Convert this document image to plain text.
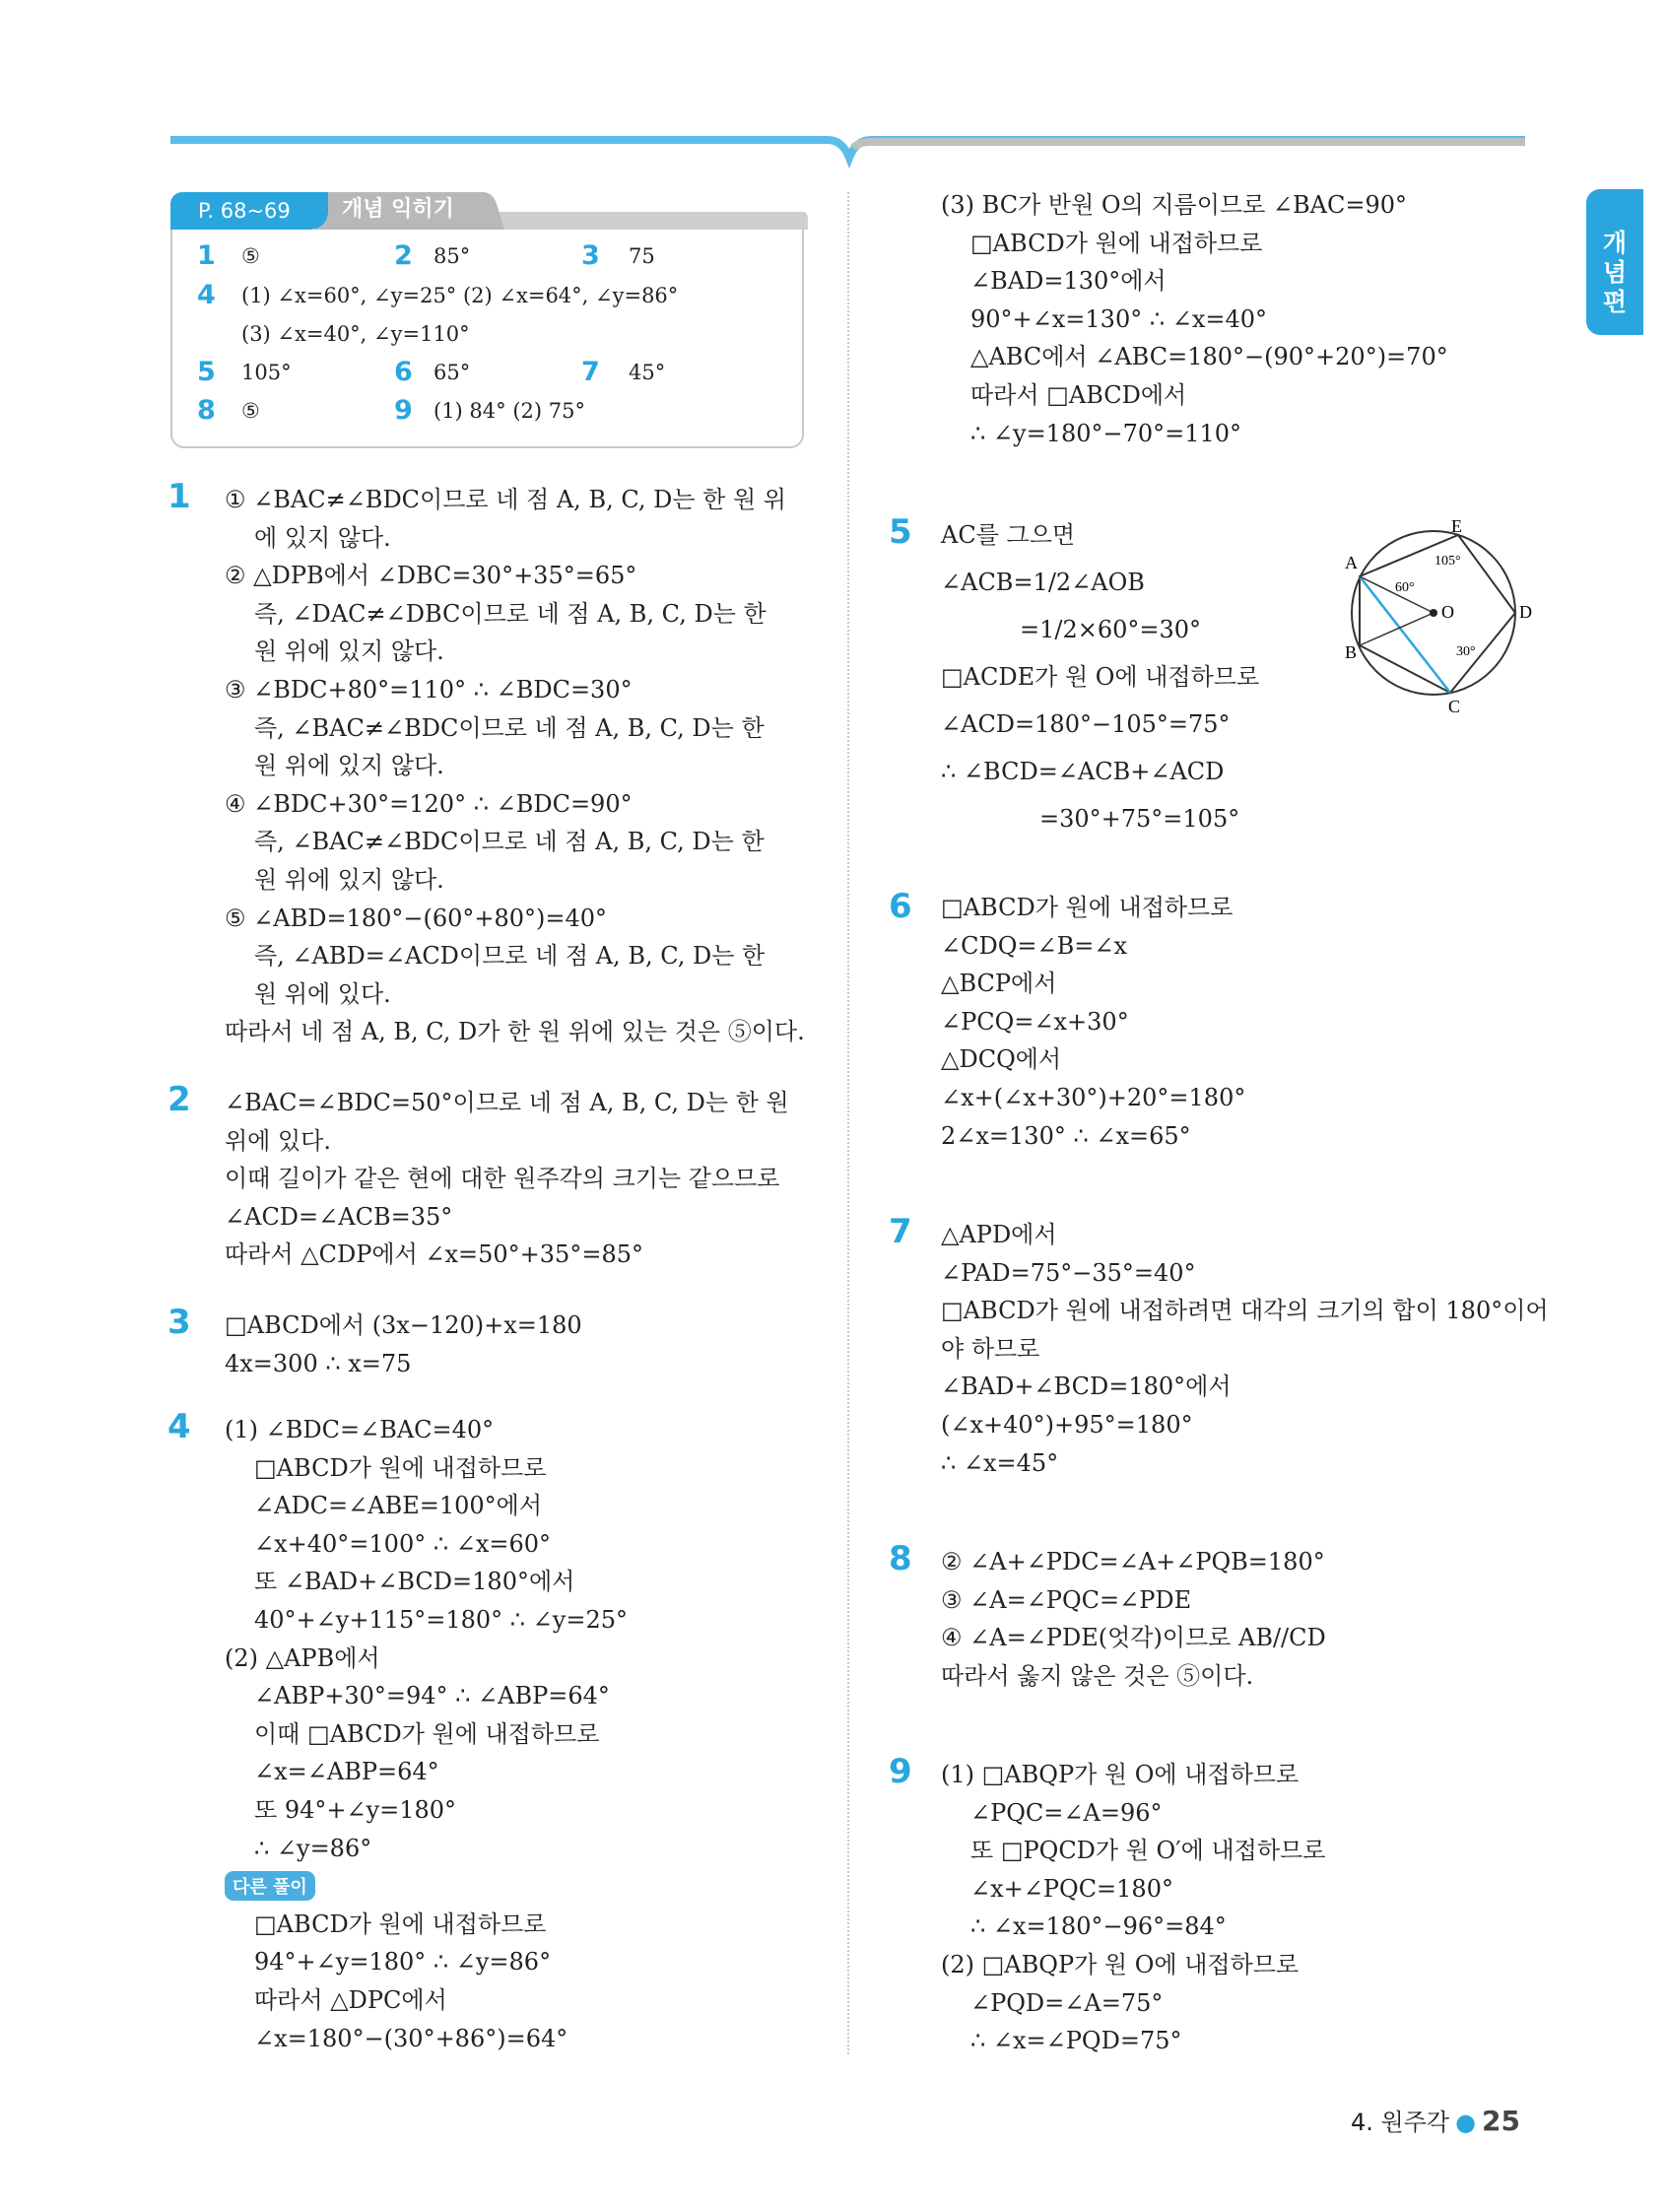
개
념
편
P. 68~69	개념 익히기
1 ⑤	2 85°	3 75
4 (1) ∠x=60°, ∠y=25° (2) ∠x=64°, ∠y=86°
(3) ∠x=40°, ∠y=110°
5 105°	6 65°	7 45°
8 ⑤	9 (1) 84° (2) 75°
1
2
3
4
5
6
7
8
9
① ∠BAC≠∠BDC이므로 네 점 A, B, C, D는 한 원 위
에 있지 않다.
② △DPB에서 ∠DBC=30°+35°=65°
즉, ∠DAC≠∠DBC이므로 네 점 A, B, C, D는 한
원 위에 있지 않다.
③ ∠BDC+80°=110° ∴ ∠BDC=30°
즉, ∠BAC≠∠BDC이므로 네 점 A, B, C, D는 한
원 위에 있지 않다.
④ ∠BDC+30°=120° ∴ ∠BDC=90°
즉, ∠BAC≠∠BDC이므로 네 점 A, B, C, D는 한
원 위에 있지 않다.
⑤ ∠ABD=180°−(60°+80°)=40°
즉, ∠ABD=∠ACD이므로 네 점 A, B, C, D는 한
원 위에 있다.
따라서 네 점 A, B, C, D가 한 원 위에 있는 것은 ⑤이다.
∠BAC=∠BDC=50°이므로 네 점 A, B, C, D는 한 원
위에 있다.
이때 길이가 같은 현에 대한 원주각의 크기는 같으므로
∠ACD=∠ACB=35°
따라서 △CDP에서 ∠x=50°+35°=85°
□ABCD에서 (3x−120)+x=180
4x=300 ∴ x=75
(1) ∠BDC=∠BAC=40°
□ABCD가 원에 내접하므로
∠ADC=∠ABE=100°에서
∠x+40°=100° ∴ ∠x=60°
또 ∠BAD+∠BCD=180°에서
40°+∠y+115°=180° ∴ ∠y=25°
(2) △APB에서
∠ABP+30°=94° ∴ ∠ABP=64°
이때 □ABCD가 원에 내접하므로
∠x=∠ABP=64°
또 94°+∠y=180°
∴ ∠y=86°
다른 풀이
□ABCD가 원에 내접하므로
94°+∠y=180° ∴ ∠y=86°
따라서 △DPC에서
∠x=180°−(30°+86°)=64°
(3) BC가 반원 O의 지름이므로 ∠BAC=90°
□ABCD가 원에 내접하므로
∠BAD=130°에서
90°+∠x=130° ∴ ∠x=40°
△ABC에서 ∠ABC=180°−(90°+20°)=70°
따라서 □ABCD에서
∴ ∠y=180°−70°=110°
AC를 그으면
∠ACB=1/2∠AOB
=1/2×60°=30°
□ACDE가 원 O에 내접하므로
∠ACD=180°−105°=75°
∴ ∠BCD=∠ACB+∠ACD
=30°+75°=105°
□ABCD가 원에 내접하므로
∠CDQ=∠B=∠x
△BCP에서
∠PCQ=∠x+30°
△DCQ에서
∠x+(∠x+30°)+20°=180°
2∠x=130° ∴ ∠x=65°
△APD에서
∠PAD=75°−35°=40°
□ABCD가 원에 내접하려면 대각의 크기의 합이 180°이어
야 하므로
∠BAD+∠BCD=180°에서
(∠x+40°)+95°=180°
∴ ∠x=45°
② ∠A+∠PDC=∠A+∠PQB=180°
③ ∠A=∠PQC=∠PDE
④ ∠A=∠PDE(엇각)이므로 AB//CD
따라서 옳지 않은 것은 ⑤이다.
(1) □ABQP가 원 O에 내접하므로
∠PQC=∠A=96°
또 □PQCD가 원 O′에 내접하므로
∠x+∠PQC=180°
∴ ∠x=180°−96°=84°
(2) □ABQP가 원 O에 내접하므로
∠PQD=∠A=75°
∴ ∠x=∠PQD=75°
A
B
C
D
E
O
60°
105°
30°
4. 원주각 ● 25
